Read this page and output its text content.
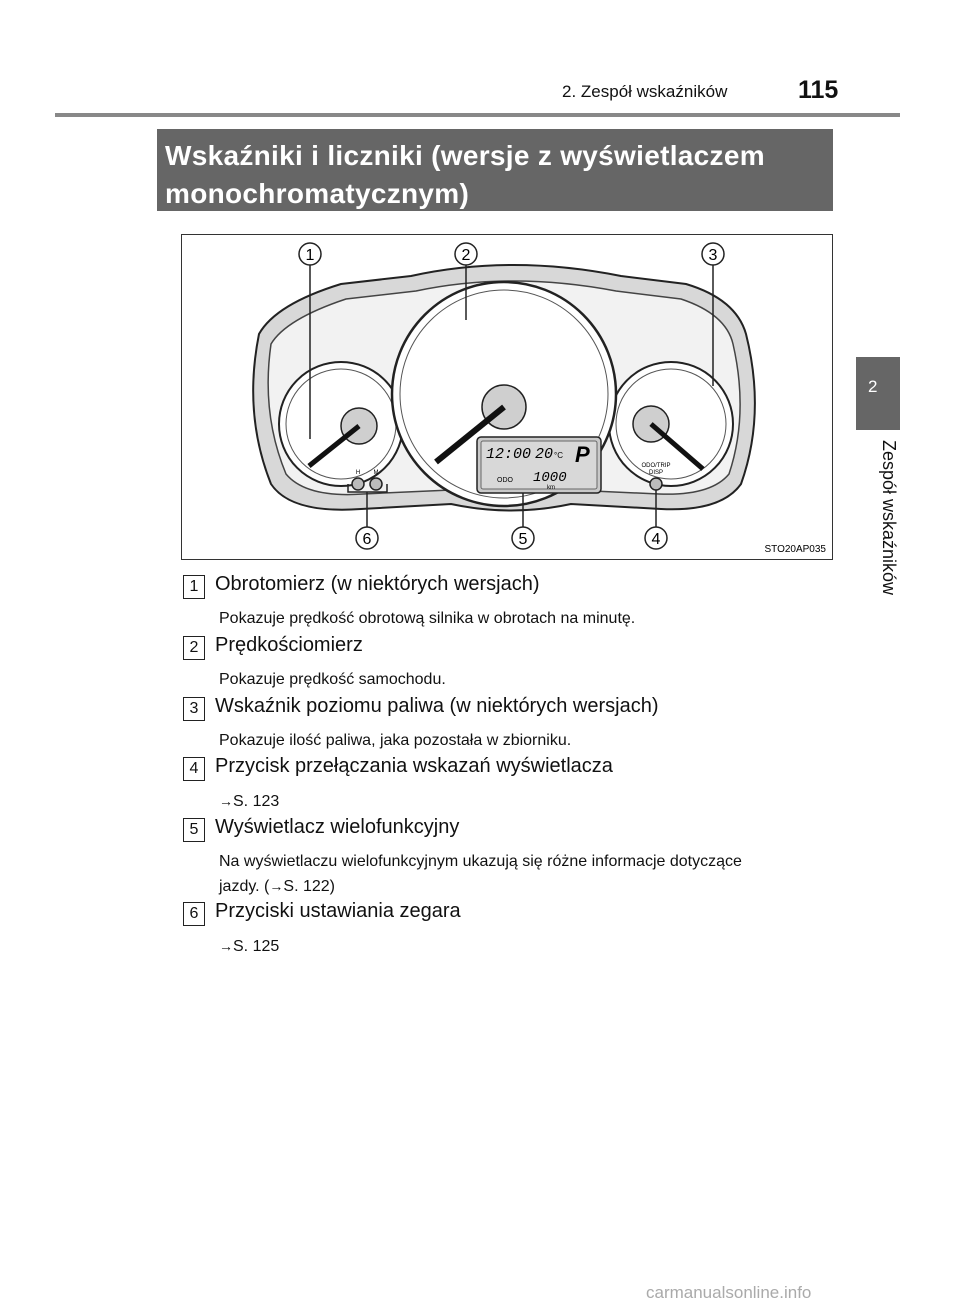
2. Zespół wskaźników	115
2
Zespół wskaźników
Wskaźniki i liczniki (wersje z wyświetlaczem
monochromatycznym)
1	2	3
4
5
6
12:00 20 °C P
ODO 1000
km
H M
ODO/TRIP
DISP
STO20AP035
1 Obrotomierz (w niektórych wersjach)
Pokazuje prędkość obrotową silnika w obrotach na minutę.
2 Prędkościomierz
Pokazuje prędkość samochodu.
3 Wskaźnik poziomu paliwa (w niektórych wersjach)
Pokazuje ilość paliwa, jaka pozostała w zbiorniku.
4 Przycisk przełączania wskazań wyświetlacza
→S. 123
5 Wyświetlacz wielofunkcyjny
Na wyświetlaczu wielofunkcyjnym ukazują się różne informacje dotyczące
jazdy. (→S. 122)
6 Przyciski ustawiania zegara
→S. 125
carmanualsonline.info
